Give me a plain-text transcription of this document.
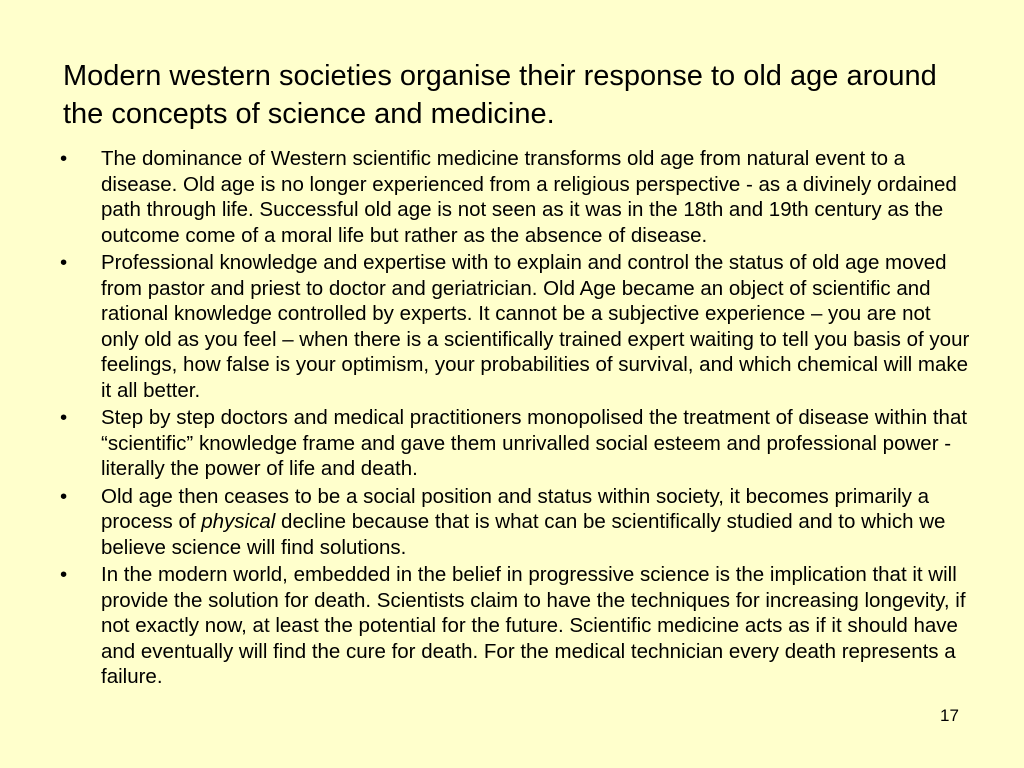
Modern western societies organise their response to old age around the concepts of science and medicine.
• The dominance of Western scientific medicine transforms old age from natural event to a disease. Old age is no longer experienced from a religious perspective - as a divinely ordained path through life. Successful old age is not seen as it was in the 18th and 19th century as the outcome come of a moral life but rather as the absence of disease.
• Professional knowledge and expertise with to explain and control the status of old age moved from pastor and priest to doctor and geriatrician. Old Age became an object of scientific and rational knowledge controlled by experts. It cannot be a subjective experience – you are not only old as you feel – when there is a scientifically trained expert waiting to tell you basis of your feelings, how false is your optimism, your probabilities of survival, and which chemical will make it all better.
• Step by step doctors and medical practitioners monopolised the treatment of disease within that “scientific” knowledge frame and gave them unrivalled social esteem and professional power - literally the power of life and death.
• Old age then ceases to be a social position and status within society, it becomes primarily a process of physical decline because that is what can be scientifically studied and to which we believe science will find solutions.
• In the modern world, embedded in the belief in progressive science is the implication that it will provide the solution for death. Scientists claim to have the techniques for increasing longevity, if not exactly now, at least the potential for the future. Scientific medicine acts as if it should have and eventually will find the cure for death. For the medical technician every death represents a failure.
17
